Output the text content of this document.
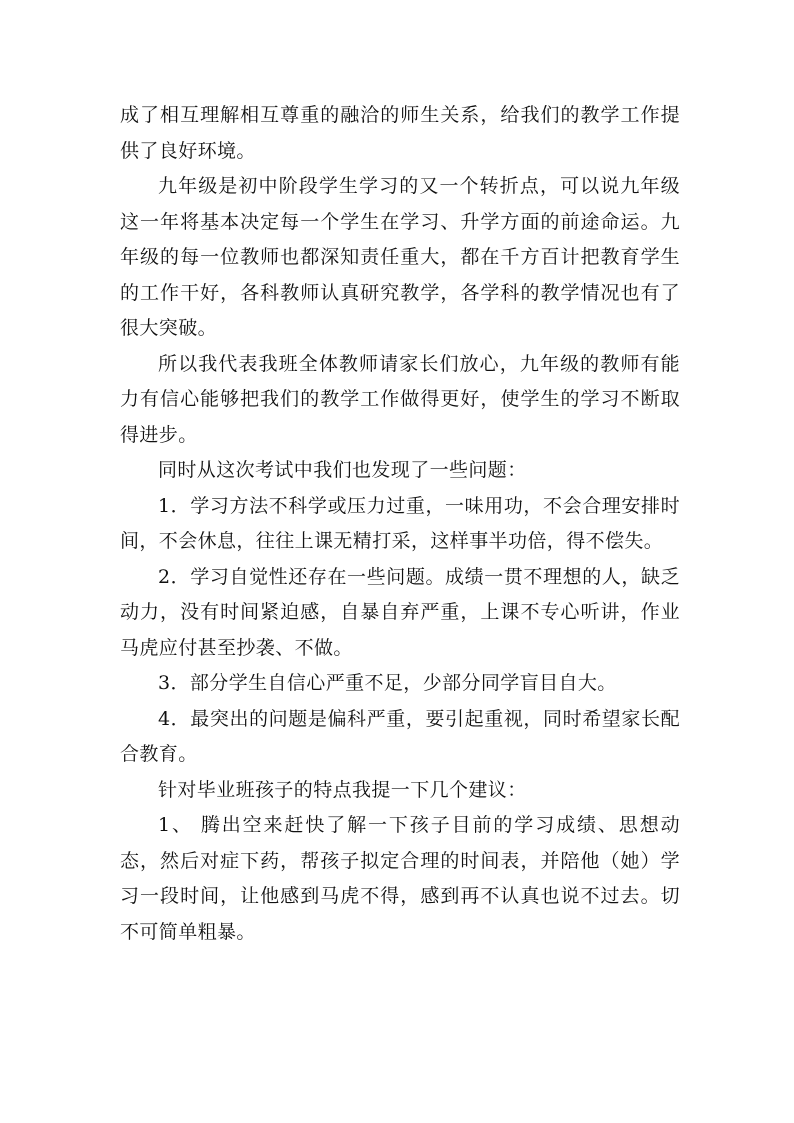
成了相互理解相互尊重的融洽的师生关系，给我们的教学工作提供了良好环境。

九年级是初中阶段学生学习的又一个转折点，可以说九年级这一年将基本决定每一个学生在学习、升学方面的前途命运。九年级的每一位教师也都深知责任重大，都在千方百计把教育学生的工作干好，各科教师认真研究教学，各学科的教学情况也有了很大突破。

所以我代表我班全体教师请家长们放心，九年级的教师有能力有信心能够把我们的教学工作做得更好，使学生的学习不断取得进步。

同时从这次考试中我们也发现了一些问题：

1．学习方法不科学或压力过重，一味用功，不会合理安排时间，不会休息，往往上课无精打采，这样事半功倍，得不偿失。

2．学习自觉性还存在一些问题。成绩一贯不理想的人，缺乏动力，没有时间紧迫感，自暴自弃严重，上课不专心听讲，作业马虎应付甚至抄袭、不做。

3．部分学生自信心严重不足，少部分同学盲目自大。

4．最突出的问题是偏科严重，要引起重视，同时希望家长配合教育。

针对毕业班孩子的特点我提一下几个建议：

1、 腾出空来赶快了解一下孩子目前的学习成绩、思想动态，然后对症下药，帮孩子拟定合理的时间表，并陪他（她）学习一段时间，让他感到马虎不得，感到再不认真也说不过去。切不可简单粗暴。
